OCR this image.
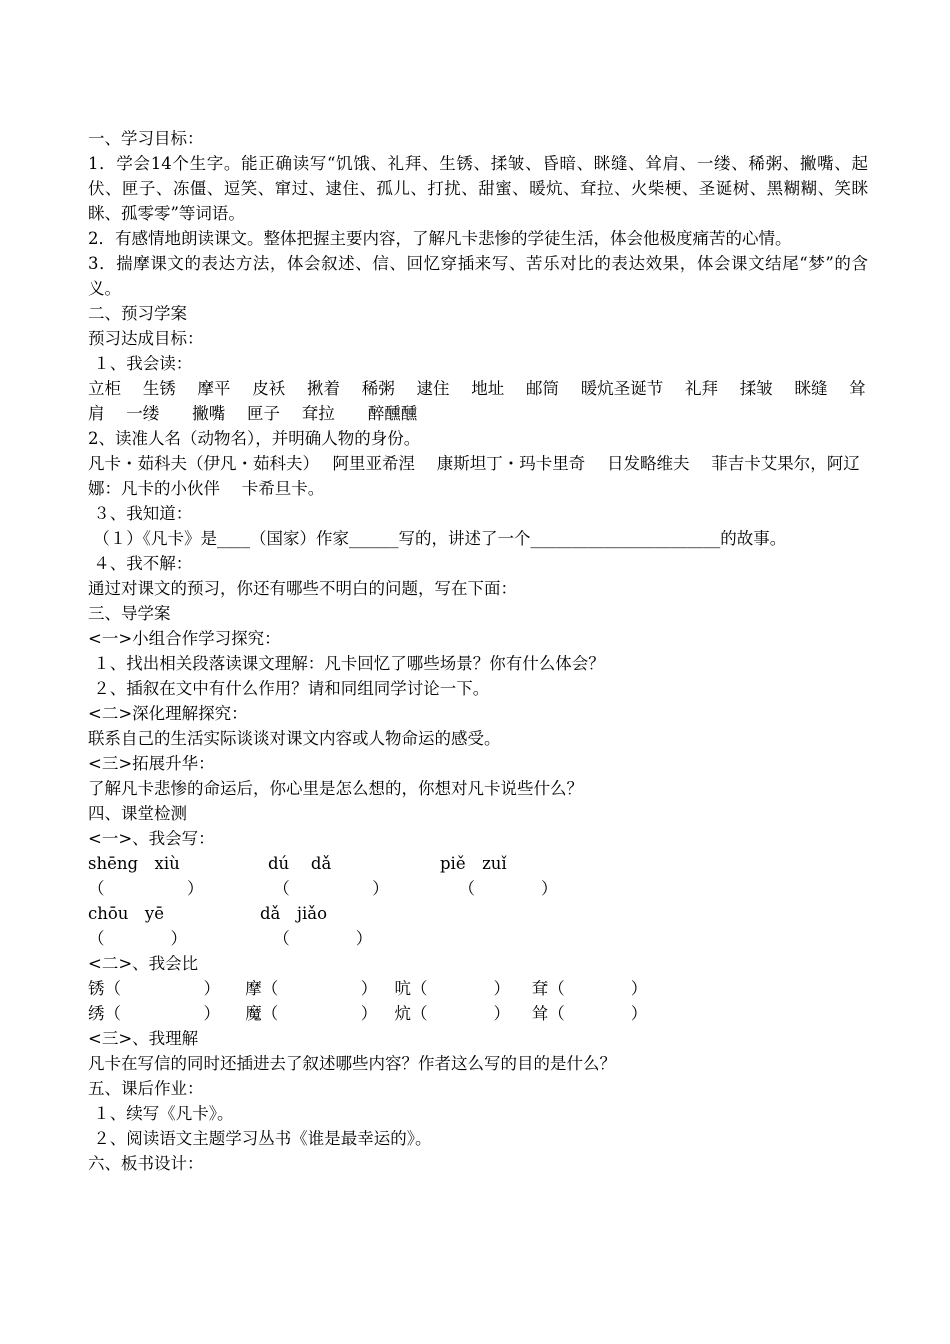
一、学习目标：

1．学会14个生字。能正确读写“饥饿、礼拜、生锈、揉皱、昏暗、眯缝、耸肩、一缕、稀粥、撇嘴、起伏、匣子、冻僵、逗笑、窜过、逮住、孤儿、打扰、甜蜜、暖炕、耷拉、火柴梗、圣诞树、黑糊糊、笑眯眯、孤零零”等词语。

2．有感情地朗读课文。整体把握主要内容，了解凡卡悲惨的学徒生活，体会他极度痛苦的心情。

3．揣摩课文的表达方法，体会叙述、信、回忆穿插来写、苦乐对比的表达效果，体会课文结尾“梦”的含义。

二、预习学案

预习达成目标：

１、我会读：

立柜　 生锈　 摩平　 皮袄　 揪着　 稀粥　 逮住　 地址　 邮筒　 暖炕圣诞节　 礼拜　 揉皱　 眯缝　 耸肩　 一缕　　撇嘴　 匣子　 耷拉　　醉醺醺

2、读准人名（动物名），并明确人物的身份。

凡卡・茹科夫（伊凡・茹科夫）　 阿里亚希涅　 康斯坦丁・玛卡里奇　 日发略维夫　 菲吉卡艾果尔，阿辽娜：凡卡的小伙伴　 卡希旦卡。

３、我知道：

（１）《凡卡》是____（国家）作家______写的，讲述了一个_______________________的故事。

４、我不解：

通过对课文的预习，你还有哪些不明白的问题，写在下面：

三、导学案

<一>小组合作学习探究：

１、找出相关段落读课文理解：凡卡回忆了哪些场景？你有什么体会？

２、插叙在文中有什么作用？请和同组同学讨论一下。

<二>深化理解探究：

联系自己的生活实际谈谈对课文内容或人物命运的感受。

<三>拓展升华：

了解凡卡悲惨的命运后，你心里是怎么想的，你想对凡卡说些什么？

四、课堂检测

<一>、我会写：

shēng　xiù	dú　 dǎ	piě　zuǐ
（　　　　　）	（　　　　　）	（　　　　）
chōu　yē	dǎ　jiǎo
（　　　　）	（　　　　）

<二>、我会比

锈（　　　　　） 摩（　　　　　） 吭（　　　　） 耷（　　　　）
绣（　　　　　） 魔（　　　　　） 炕（　　　　） 耸（　　　　）

<三>、我理解

凡卡在写信的同时还插进去了叙述哪些内容？作者这么写的目的是什么？

五、课后作业：

１、续写《凡卡》。

２、阅读语文主题学习丛书《谁是最幸运的》。

六、板书设计：
